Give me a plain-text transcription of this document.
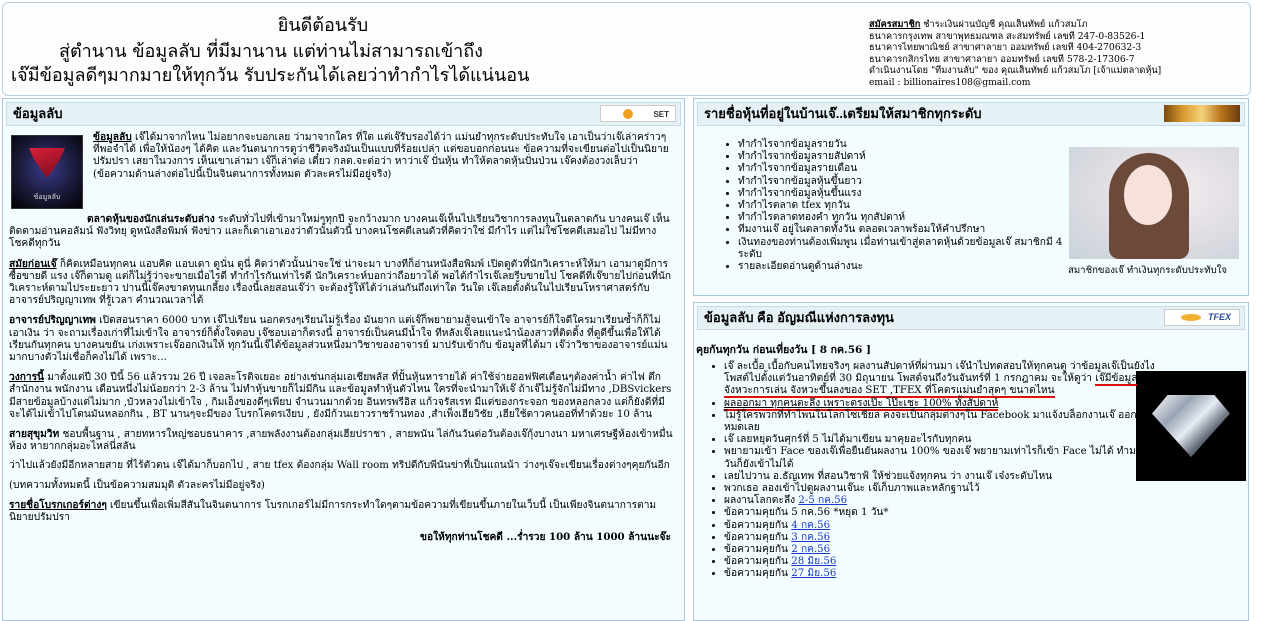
ยินดีต้อนรับ
สู่ตำนาน ข้อมูลลับ ที่มีมานาน แต่ท่านไม่สามารถเข้าถึง
เจ๊มีข้อมูลดีๆมากมายให้ทุกวัน รับประกันได้เลยว่าทำกำไรได้แน่นอน
สมัครสมาชิก ชำระเงินผ่านบัญชี คุณเส็นทัพย์ แก้วสมโภ
ธนาคารกรุงเทพ สาขาพุทธมณฑล สะสมทรัพย์ เลขที่ 247-0-83526-1
ธนาคารไทยพาณิชย์ สาขาศาลายา ออมทรัพย์ เลขที่ 404-270632-3
ธนาคารกสิกรไทย สาขาศาลายา ออมทรัพย์ เลขที่ 578-2-17306-7
ดำเนินงานโดย "ทีมงานลับ" ของ คุณเส็นทัพย์ แก้วสมโภ [เจ้าแม่ตลาดหุ้น]
email : billionaires108@gmail.com
ข้อมูลลับ	SET
ข้อมูลลับ

ข้อมูลลับ เจ๊ได้มาจากไหน ไม่อยากจะบอกเลย ว่ามาจากใคร ที่ใด แต่เจ๊รับรองได้ว่า แม่นยำทุกระดับประทับใจ เอาเป็นว่าเจ๊เล่าคร่าวๆ ที่พอจำได้ เพื่อให้น้องๆ ได้คิด และวันตนาการดูว่าชีวิตจริงมันเป็นแบบที่ร้อยเปล่า แต่ขอบอกก่อนนะ ข้อความที่จะเขียนต่อไปเป็นนิยายปรัมปรา เสยาในวงการ เห็นเขาเล่ามา เจ๊ก็เล่าต่อ เดี๋ยว กลต.จะต่อว่า หาว่าเจ๊ ปั่นหุ้น ทำให้ตลาดหุ้นปั่นป่วน เจ๊คงต้องวงเล็บว่า (ข้อความด้านล่างต่อไปนี้เป็นจินตนาการทั้งหมด ตัวละครไม่มีอยู่จริง)

ตลาดหุ้นของนักเล่นระดับล่าง ระดับทั่วไปที่เข้ามาใหม่ๆทุกปี จะกว้างมาก บางคนเจ๊เห็นไปเรียนวิชาการลงทุนในตลาดกัน บางคนเจ๊ เห็นติดตามอ่านคอลัมน์ ฟังวิทยุ ดูหนังสือพิมพ์ ฟังข่าว และก็เดาเอาเองว่าตัวนั้นตัวนี้ บางคนโชคดีเลนตัวที่คิดว่าใช่ มีกำไร แต่ไม่ใช่โชคดีเสมอไป ไม่มีทางโชคดีทุกวัน

สมัยก่อนเจ๊ ก็คิดเหมือนทุกคน แอบคิด แอบเดา ดูนั่น ดูนี่ คิดว่าตัวนั้นน่าจะใช่ น่าจะมา บางทีก็อ่านหนังสือพิมพ์ เปิดดูตัวที่นักวิเคราะห์ให้มา เอามาดูมีการซื้อขายดี แรง เจ๊ก็ตามดู แต่ก็ไม่รู้ว่าจะขายเมื่อไรดี ทำกำไรกันเท่าไรดี นักวิเคราะห์บอกว่าถือยาวได้ พอได้กำไรเจ๊เลยรีบขายไป โชคดีที่เจ๊ขายไปก่อนที่นักวิเคราะห์ตามไประยะยาว ปานนี้เจ๊คงขาดทุนเกลี้ยง เรื่องนี้เลยสอนเจ๊ว่า จะต้องรู้ให้ได้ว่าเล่นกันถึงเท่าใด วันใด เจ๊เลยตั้งต้นในไปเรียนโหราศาสตร์กับอาจารย์ปริญญาเทพ ที่รู้เวลา คำนวณเวลาได้

อาจารย์ปริญญาเทพ เปิดสอนราคา 6000 บาท เจ๊ไปเรียน นอกตรงๆเรียนไม่รู้เรื่อง มันยาก แต่เจ๊ก็พยายามสู้จนเข้าใจ อาจารย์ก็ใจดีใครมาเรียนซ้ำก็ก็ไม่เอาเงิน ว่า จะถามเรื่องเก่าที่ไม่เข้าใจ อาจารย์ก็ตั้งใจตอบ เจ๊ชอบเอาก็ตรงนี้ อาจารย์เป็นคนมีน้ำใจ ทีหลังเจ๊เลยแนะนำน้องสาวที่ติดดิ้ง ที่ดูดีขึ้นเพื่อให้ได้เรียนกันทุกคน บางคนขยัน เก่งเพราะเจ๊ออกเงินให้ ทุกวันนี้เจ๊ได้ข้อมูลส่วนหนึ่งมาวิชาของอาจารย์ มาปรับเข้ากับ ข้อมูลที่ได้มา เจ๊ว่าวิชาของอาจารย์แม่นมากบางตัวไม่เชื่อก็คงไม่ได้ เพราะ...

วงการนี้ มาตั้งแต่ปี 30 ปีนี้ 56 แล้วรวม 26 ปี เจอละโรติจเยอะ อย่างเช่นกลุ่มเอเชียพลัส ที่ปั้นหุ้นหารายได้ ค่าใช้จ่ายออฟฟิศเดือนๆต้องค่าน้ำ ค่าไฟ ตึก สำนักงาน พนักงาน เดือนหนึ่งไม่น้อยกว่า 2-3 ล้าน ไม่ทำหุ้นขายก็ไม่มีกิน และข้อมูลทำหุ้นตัวไหน ใครที่จะนำมาให้เจ๊ ถ้าเจ๊ไม่รู้จักไม่มีทาง ,DBSvickers มีสายข้อมูลบ้างแต่ไม่มาก ,บัวหลวงไม่เข้าใจ , กิมเอ็งของดีๆเพียบ จำนวนมากด้วย อินทรพรีอิส แก้วจรัสเรท มีแต่ของกระจอก ของหลอกลวง แต่ก็ยังดีที่มีจะได้ไม่เข้าไปโดนมันหลอกกิน , BT นานๆจะมีของ โบรกโคตรเงียบ , ยังมีก้วนเยาวราชร้านทอง ,สำเพ็งเฮียวิชัย ,เฮียใช้ดาวคนออที่ทำด้วยะ 10 ล้าน

สายสุขุมวิท ชอบพื้นฐาน , สายทหารใหญ่ชอบธนาคาร ,สายพลังงานต้องกลุ่มเฮียปราชา , สายพนัน ไล่กันวันต่อวันต้องเจ๊กุ้งบางนา มหาเศรษฐีห้องเข้าหมื่นห้อง หายากกลุ่มอะไหล่นี่สลัน

ว่าไปแล้วยังมีอีกหลายสาย ที่ไร้ตัวตน เจ๊ได้มาก็บอกไป , สาย tfex ต้องกลุ่ม Wall room ทริปดีกับพีนันข่าที่เป็นแถนน้า ว่างๆเจ๊จะเขียนเรื่องต่างๆคุยกันอีก

(บทความทั้งหมดนี้ เป็นข้อความสมมุติ ตัวละครไม่มีอยู่จริง)

รายชื่อโบรกเกอร์ต่างๆ เขียนขึ้นเพื่อเพิ่มสีสันในจินตนาการ โบรกเกอร์ไม่มีการกระทำใดๆตามข้อความที่เขียนขึ้นภายในเว็บนี้ เป็นเพียงจินตนาการตามนิยายปรัมปรา

ขอให้ทุกท่านโชคดี ...ร่ำรวย 100 ล้าน 1000 ล้านนะจ๊ะ

รายชื่อหุ้นที่อยู่ในบ้านเจ๊..เตรียมให้สมาชิกทุกระดับ
• ทำกำไรจากข้อมูลรายวัน
• ทำกำไรจากข้อมูลรายสัปดาห์
• ทำกำไรจากข้อมูลรายเดือน
• ทำกำไรจากข้อมูลหุ้นขึ้นยาว
• ทำกำไรจากข้อมูลหุ้นขึ้นแรง
• ทำกำไรตลาด tfex ทุกวัน
• ทำกำไรตลาดทองคำ ทุกวัน ทุกสัปดาห์
• ทีมงานเจ๊ อยู่ในตลาดทั้งวัน ตลอดเวลาพร้อมให้คำปรึกษา
• เงินทองของท่านต้องเพิ่มพูน เมื่อท่านเข้าสู่ตลาดหุ้นด้วยข้อมูลเจ๊ สมาชิกมี 4 ระดับ
• รายละเอียดอ่านดูด้านล่างนะ	สมาชิกของเจ๊ ทำเงินทุกระดับประทับใจ
ข้อมูลลับ คือ อัญมณีแห่งการลงทุน	TFEX
คุยกันทุกวัน ก่อนเที่ยงวัน [ 8 กค.56 ]
• เจ๊ ละเบื้อ เบื้อกับคนไทยจริงๆ ผลงานสัปดาห์ที่ผ่านมา เจ๊นำไปทดสอบให้ทุกคนดู ว่าข้อมูลเจ๊เป็นยังไง โพสต์ไปตั้งแต่วันอาทิตย์ที่ 30 มิถุนายน โพสต์จนถึงวันจันทร์ที่ 1 กรกฎาคม จะให้ดูว่า เจ๊มีข้อมูลจังหวะการเล่น จังหวะขึ้นลงของ SET ,TFEX ที่โคตรแม่นยำสุดๆ ขนาดไหน
• ผลออกมา ทุกคนตะลึง เพราะตรงเป๊ะ โป๊ะเชะ 100% ทั้งสัปดาห์
• ไม่รู้ใครพวกที่ทำไพนในโลกโซเชียล คงจะเป็นกลุ่มต่างๆใน Facebook มาแจ้งบล็อกงานเจ๊ ออกไปหมดเลย
• เจ๊ เลยหยุดวันศุกร์ที่ 5 ไม่ได้มาเขียน มาคุยอะไรกับทุกคน
• พยายามเข้า Face ของเจ๊เพื่อยืนยันผลงาน 100% ของเจ๊ พยายามเท่าไรก็เข้า Face ไม่ได้ ทำมา 3 วันก็ยังเข้าไม่ได้
• เลยไปวาน อ.ธัญเทพ ที่สอนวิชาฟ้ ให้ช่วยแจ้งทุกคน ว่า งานเจ๊ เจ๋งระดับไหน
• พวกเธอ ลองเข้าไปดูผลงานเจ๊นะ เจ๊เก็บภาพและหลักฐานไว้
• ผลงานโลกตะลึง 2-5 กค.56
• ข้อความคุยกัน 5 กค.56 *หยุด 1 วัน*
• ข้อความคุยกัน 4 กค.56
• ข้อความคุยกัน 3 กค.56
• ข้อความคุยกัน 2 กค.56
• ข้อความคุยกัน 28 มิย.56
• ข้อความคุยกัน 27 มิย.56
